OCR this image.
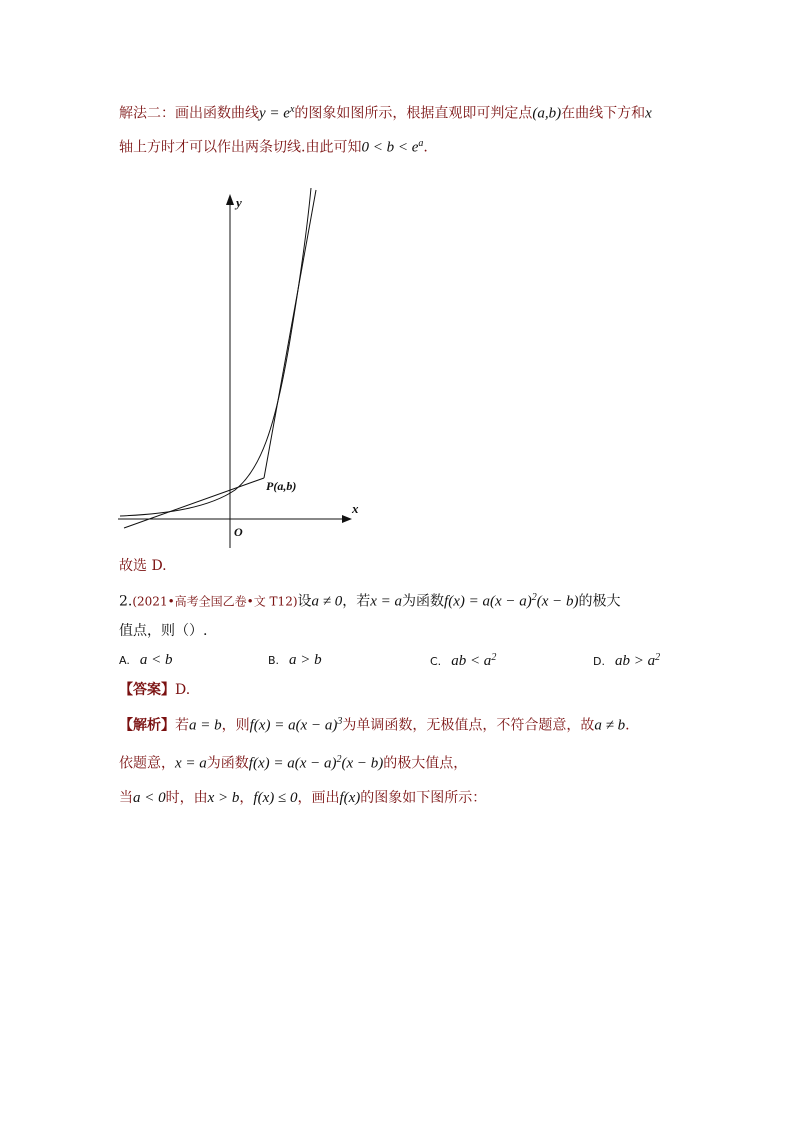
解法二：画出函数曲线$y = e^x$的图象如图所示，根据直观即可判定点(a,b)在曲线下方和x
轴上方时才可以作出两条切线.由此可知$0 < b < e^a$.
y
x
O
P(a,b)
故选 D.
2.(2021•高考全国乙卷•文 T12)设a ≠ 0，若x = a为函数$f(x) = a(x - a)^2(x - b)$的极大
值点，则（）.
A. a < b	B. a > b	C. ab < $a^2$	D. ab > $a^2$
【答案】D.
【解析】若a = b，则$f(x) = a(x - a)^3$为单调函数，无极值点，不符合题意，故a ≠ b.
依题意，x = a为函数$f(x) = a(x - a)^2(x - b)$的极大值点，
当a < 0时，由x > b，f(x) ≤ 0，画出f(x)的图象如下图所示：
